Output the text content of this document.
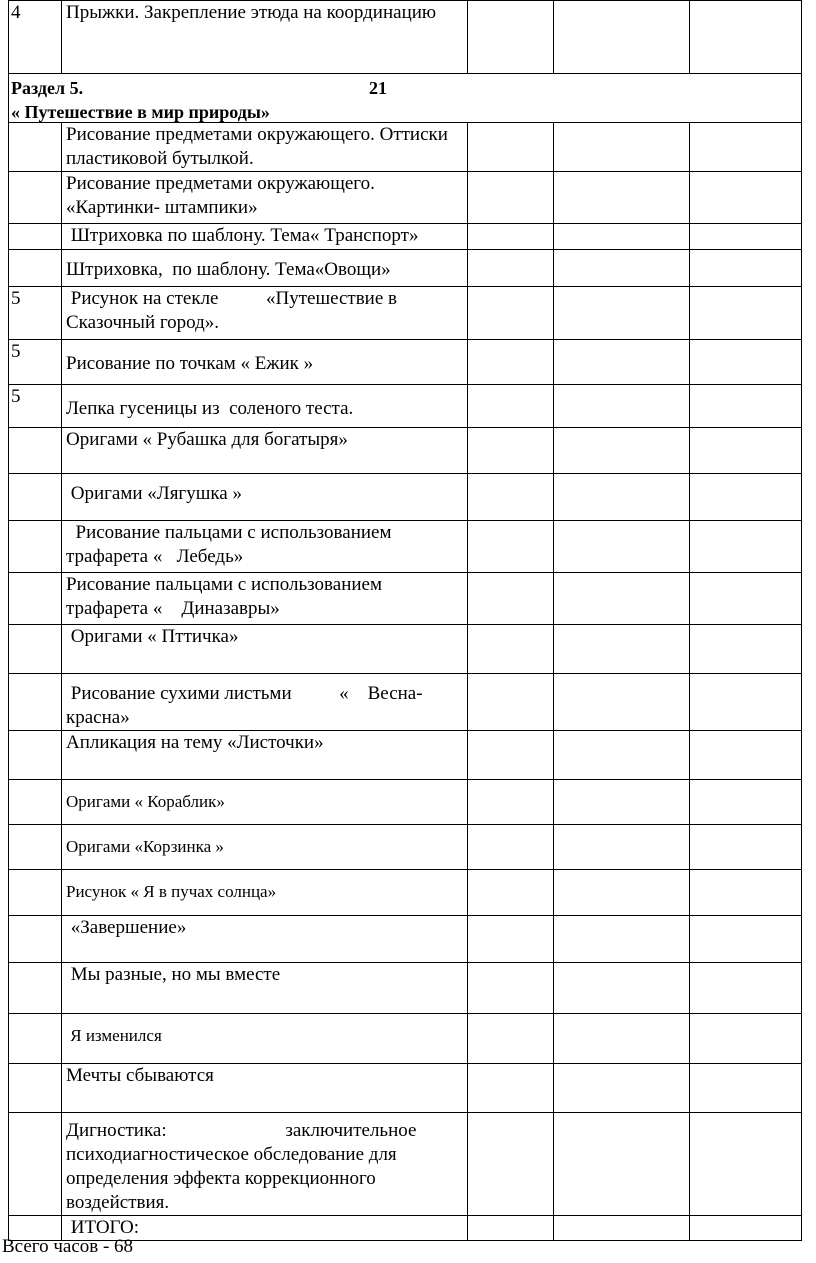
4	Прыжки. Закрепление этюда на координацию			

Раздел 5. 21
« Путешествие в мир природы»				

	Рисование предметами окружающего. Оттиски пластиковой бутылкой.			
	Рисование предметами окружающего. «Картинки- штампики»			
	Штриховка по шаблону. Тема« Транспорт»			
	Штриховка,  по шаблону. Тема«Овощи»			
5	Рисунок на стекле          «Путешествие в Сказочный город».			
5	Рисование по точкам « Ежик »			
5	Лепка гусеницы из  соленого теста.			
	Оригами « Рубашка для богатыря»			
	Оригами «Лягушка »			
	Рисование пальцами с использованием трафарета «   Лебедь»			
	Рисование пальцами с использованием трафарета «    Диназавры»			
	Оригами « Пттичка»			
	Рисование сухими листьми          «    Весна-красна»			
	Апликация на тему «Листочки»			
	Оригами « Кораблик»			
	Оригами «Корзинка »			
	Рисунок « Я в пучах солнца»			
	«Завершение»			
	Мы разные, но мы вместе			
	Я изменился			
	Мечты сбываются			
	Дигностика:                         заключительное психодиагностическое обследование для определения эффекта коррекционного воздействия.			
	ИТОГО:			
Всего часов - 68
